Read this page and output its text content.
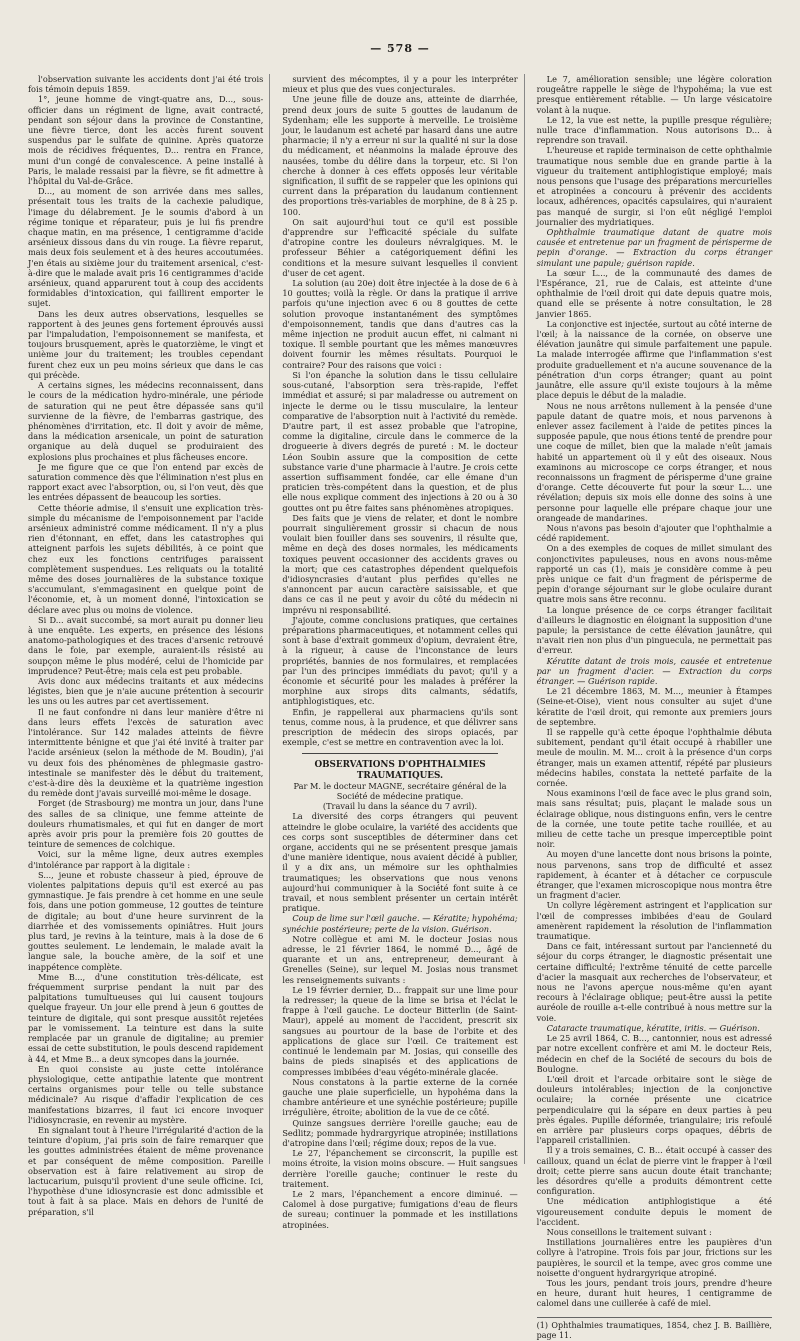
— 578 —

l'observation suivante les accidents dont j'ai été trois fois témoin depuis 1859.

1°, jeune homme de vingt-quatre ans, D..., sous-officier dans un régiment de ligne, avait contracté, pendant son séjour dans la province de Constantine, une fièvre tierce, dont les accès furent souvent suspendus par le sulfate de quinine. Après quatorze mois de récidives fréquentes, D... rentra en France, muni d'un congé de convalescence. A peine installé à Paris, le malade ressaisi par la fièvre, se fit admettre à l'hôpital du Val-de-Grâce.

D..., au moment de son arrivée dans mes salles, présentait tous les traits de la cachexie paludique, l'image du délabrement. Je le soumis d'abord à un régime tonique et réparateur, puis je lui fis prendre chaque matin, en ma présence, 1 centigramme d'acide arsénieux dissous dans du vin rouge. La fièvre reparut, mais deux fois seulement et à des heures accoutumées. J'en étais au sixième jour du traitement arsenical, c'est-à-dire que le malade avait pris 16 centigrammes d'acide arsénieux, quand apparurent tout à coup des accidents formidables d'intoxication, qui faillirent emporter le sujet.

Dans les deux autres observations, lesquelles se rapportent à des jeunes gens fortement éprouvés aussi par l'impaludation, l'empoisonnement se manifesta, et toujours brusquement, après le quatorzième, le vingt et unième jour du traitement; les troubles cependant furent chez eux un peu moins sérieux que dans le cas qui précède.

A certains signes, les médecins reconnaissent, dans le cours de la médication hydro-minérale, une période de saturation qui ne peut être dépassée sans qu'il survienne de la fièvre, de l'embarras gastrique, des phénomènes d'irritation, etc. Il doit y avoir de même, dans la médication arsenicale, un point de saturation organique au delà duquel se produiraient des explosions plus prochaines et plus fâcheuses encore.

Je me figure que ce que l'on entend par excès de saturation commence dès que l'élimination n'est plus en rapport exact avec l'absorption, ou, si l'on veut, dès que les entrées dépassent de beaucoup les sorties.

Cette théorie admise, il s'ensuit une explication très-simple du mécanisme de l'empoisonnement par l'acide arsénieux administré comme médicament. Il n'y a plus rien d'étonnant, en effet, dans les catastrophes qui atteignent parfois les sujets débilités, à ce point que chez eux les fonctions centrifuges paraissent complètement suspendues. Les reliquats ou la totalité même des doses journalières de la substance toxique s'accumulant, s'emmagasinent en quelque point de l'économie, et, à un moment donné, l'intoxication se déclare avec plus ou moins de violence.

Si D... avait succombé, sa mort aurait pu donner lieu à une enquête. Les experts, en présence des lésions anatomo-pathologiques et des traces d'arsenic retrouvé dans le foie, par exemple, auraient-ils résisté au soupçon même le plus modéré, celui de l'homicide par imprudence? Peut-être; mais cela est peu probable.

Avis donc aux médecins traitants et aux médecins légistes, bien que je n'aie aucune prétention à secourir les uns ou les autres par cet avertissement.

Il ne faut confondre ni dans leur manière d'être ni dans leurs effets l'excès de saturation avec l'intolérance. Sur 142 malades atteints de fièvre intermittente bénigne et que j'ai été invité à traiter par l'acide arsénieux (selon la méthode de M. Boudin), j'ai vu deux fois des phénomènes de phlegmasie gastro-intestinale se manifester dès le début du traitement, c'est-à-dire dès la deuxième et la quatrième ingestion du remède dont j'avais surveillé moi-même le dosage.

Forget (de Strasbourg) me montra un jour, dans l'une des salles de sa clinique, une femme atteinte de douleurs rhumatismales, et qui fut en danger de mort après avoir pris pour la première fois 20 gouttes de teinture de semences de colchique.

Voici, sur la même ligne, deux autres exemples d'intolérance par rapport à la digitale :

S..., jeune et robuste chasseur à pied, éprouve de violentes palpitations depuis qu'il est exercé au pas gymnastique. Je fais prendre à cet homme en une seule fois, dans une potion gommeuse, 12 gouttes de teinture de digitale; au bout d'une heure survinrent de la diarrhée et des vomissements opiniâtres. Huit jours plus tard, je revins à la teinture, mais à la dose de 6 gouttes seulement. Le lendemain, le malade avait la langue sale, la bouche amère, de la soif et une inappétence complète.

Mme B..., d'une constitution très-délicate, est fréquemment surprise pendant la nuit par des palpitations tumultueuses qui lui causent toujours quelque frayeur. Un jour elle prend à jeun 6 gouttes de teinture de digitale, qui sont presque aussitôt rejetées par le vomissement. La teinture est dans la suite remplacée par un granule de digitaline; au premier essai de cette substitution, le pouls descend rapidement à 44, et Mme B... a deux syncopes dans la journée.

En quoi consiste au juste cette intolérance physiologique, cette antipathie latente que montrent certains organismes pour telle ou telle substance médicinale? Au risque d'affadir l'explication de ces manifestations bizarres, il faut ici encore invoquer l'idiosyncrasie, en revenir au mystère.

En signalant tout à l'heure l'irrégularité d'action de la teinture d'opium, j'ai pris soin de faire remarquer que les gouttes administrées étaient de même provenance et par conséquent de même composition. Pareille observation est à faire relativement au sirop de lactucarium, puisqu'il provient d'une seule officine. Ici, l'hypothèse d'une idiosyncrasie est donc admissible et tout à fait à sa place. Mais en dehors de l'unité de préparation, s'il

survient des mécomptes, il y a pour les interpréter mieux et plus que des vues conjecturales.

Une jeune fille de douze ans, atteinte de diarrhée, prend deux jours de suite 5 gouttes de laudanum de Sydenham; elle les supporte à merveille. Le troisième jour, le laudanum est acheté par hasard dans une autre pharmacie; il n'y a erreur ni sur la qualité ni sur la dose du médicament, et néanmoins la malade éprouve des nausées, tombe du délire dans la torpeur, etc. Si l'on cherche à donner à ces effets opposés leur véritable signification, il suffit de se rappeler que les opinions qui current dans la préparation du laudanum contiennent des proportions très-variables de morphine, de 8 à 25 p. 100.

On sait aujourd'hui tout ce qu'il est possible d'apprendre sur l'efficacité spéciale du sulfate d'atropine contre les douleurs névralgiques. M. le professeur Béhier a catégoriquement défini les conditions et la mesure suivant lesquelles il convient d'user de cet agent.

La solution (au 20e) doit être injectée à la dose de 6 à 10 gouttes; voilà la règle. Or dans la pratique il arrive parfois qu'une injection avec 6 ou 8 gouttes de cette solution provoque instantanément des symptômes d'empoisonnement, tandis que dans d'autres cas la même injection ne produit aucun effet, ni calmant ni toxique. Il semble pourtant que les mêmes manœuvres doivent fournir les mêmes résultats. Pourquoi le contraire? Pour des raisons que voici :

Si l'on épanche la solution dans le tissu cellulaire sous-cutané, l'absorption sera très-rapide, l'effet immédiat et assuré; si par maladresse ou autrement on injecte le derme ou le tissu musculaire, la lenteur comparative de l'absorption nuit à l'activité du remède. D'autre part, il est assez probable que l'atropine, comme la digitaline, circule dans le commerce de la drogueerie à divers degrés de pureté : M. le docteur Léon Soubin assure que la composition de cette substance varie d'une pharmacie à l'autre. Je crois cette assertion suffisamment fondée, car elle émane d'un praticien très-compétent dans la question, et de plus elle nous explique comment des injections à 20 ou à 30 gouttes ont pu être faites sans phénomènes atropiques.

Des faits que je viens de relater, et dont le nombre pourrait singulièrement grossir si chacun de nous voulait bien fouiller dans ses souvenirs, il résulte que, même en deçà des doses normales, les médicaments toxiques peuvent occasionner des accidents graves ou la mort; que ces catastrophes dépendent quelquefois d'idiosyncrasies d'autant plus perfides qu'elles ne s'annoncent par aucun caractère saisissable, et que dans ce cas il ne peut y avoir du côté du médecin ni imprévu ni responsabilité.

J'ajoute, comme conclusions pratiques, que certaines préparations pharmaceutiques, et notamment celles qui sont à base d'extrait gommeux d'opium, devraient être, à la rigueur, à cause de l'inconstance de leurs propriétés, bannies de nos formulaires, et remplacées par l'un des principes immédiats du pavot; qu'il y a économie et sécurité pour les malades à préférer la morphine aux sirops dits calmants, sédatifs, antiphlogistiques, etc.

Enfin, je rappellerai aux pharmaciens qu'ils sont tenus, comme nous, à la prudence, et que délivrer sans prescription de médecin des sirops opiacés, par exemple, c'est se mettre en contravention avec la loi.

OBSERVATIONS D'OPHTHALMIES TRAUMATIQUES.

Par M. le docteur MAGNE, secrétaire général de la Société de médecine pratique.

(Travail lu dans la séance du 7 avril).

La diversité des corps étrangers qui peuvent atteindre le globe oculaire, la variété des accidents que ces corps sont susceptibles de déterminer dans cet organe, accidents qui ne se présentent presque jamais d'une manière identique, nous avaient décidé à publier, il y a dix ans, un mémoire sur les ophthalmies traumatiques; les observations que nous venons aujourd'hui communiquer à la Société font suite à ce travail, et nous semblent présenter un certain intérêt pratique.

Coup de lime sur l'œil gauche. — Kératite; hypohéma; synéchie postérieure; perte de la vision. Guérison.

Notre collègue et ami M. le docteur Josias nous adresse, le 21 février 1864, le nommé D..., âgé de quarante et un ans, entrepreneur, demeurant à Grenelles (Seine), sur lequel M. Josias nous transmet les renseignements suivants :

Le 19 février dernier, D... frappait sur une lime pour la redresser; la queue de la lime se brisa et l'éclat le frappe à l'œil gauche. Le docteur Bitterlin (de Saint-Maur), appelé au moment de l'accident, prescrit six sangsues au pourtour de la base de l'orbite et des applications de glace sur l'œil. Ce traitement est continué le lendemain par M. Josias, qui conseille des bains de pieds sinapisés et des applications de compresses imbibées d'eau végéto-minérale glacée.

Nous constatons à la partie externe de la cornée gauche une plaie superficielle, un hypohéma dans la chambre antérieure et une synéchie postérieure; pupille irrégulière, étroite; abolition de la vue de ce côté.

Quinze sangsues derrière l'oreille gauche; eau de Sedlitz; pommade hydrargyrique atropinée; instillations d'atropine dans l'œil; régime doux; repos de la vue.

Le 27, l'épanchement se circonscrit, la pupille est moins étroite, la vision moins obscure. — Huit sangsues derrière l'oreille gauche; continuer le reste du traitement.

Le 2 mars, l'épanchement a encore diminué. — Calomel à dose purgative; fumigations d'eau de fleurs de sureau; continuer la pommade et les instillations atropinées.

Le 7, amélioration sensible; une légère coloration rougeâtre rappelle le siège de l'hypohéma; la vue est presque entièrement rétablie. — Un large vésicatoire volant à la nuque.

Le 12, la vue est nette, la pupille presque régulière; nulle trace d'inflammation. Nous autorisons D... à reprendre son travail.

L'heureuse et rapide terminaison de cette ophthalmie traumatique nous semble due en grande partie à la vigueur du traitement antiphlogistique employé; mais nous pensons que l'usage des préparations mercurielles et atropinées a concouru à prévenir des accidents locaux, adhérences, opacités capsulaires, qui n'auraient pas manqué de surgir, si l'on eût négligé l'emploi journalier des mydriatiques.

Ophthalmie traumatique datant de quatre mois causée et entretenue par un fragment de périsperme de pepin d'orange. — Extraction du corps étranger simulant une papule; guérison rapide.

La sœur L..., de la communauté des dames de l'Espérance, 21, rue de Calais, est atteinte d'une ophthalmie de l'œil droit qui date depuis quatre mois, quand elle se présente à notre consultation, le 28 janvier 1865.

La conjonctive est injectée, surtout au côté interne de l'œil; à la naissance de la cornée, on observe une élévation jaunâtre qui simule parfaitement une papule. La malade interrogée affirme que l'inflammation s'est produite graduellement et n'a aucune souvenance de la pénétration d'un corps étranger; quant au point jaunâtre, elle assure qu'il existe toujours à la même place depuis le début de la maladie.

Nous ne nous arrêtons nullement à la pensée d'une papule datant de quatre mois, et nous parvenons à enlever assez facilement à l'aide de petites pinces la supposée papule, que nous étions tenté de prendre pour une coque de millet, bien que la malade n'eût jamais habité un appartement où il y eût des oiseaux. Nous examinons au microscope ce corps étranger, et nous reconnaissons un fragment de périsperme d'une graine d'orange. Cette découverte fut pour la sœur L... une révélation; depuis six mois elle donne des soins à une personne pour laquelle elle prépare chaque jour une orangeade de mandarines.

Nous n'avons pas besoin d'ajouter que l'ophthalmie a cédé rapidement.

On a des exemples de coques de millet simulant des conjonctivites papuleuses, nous en avons nous-même rapporté un cas (1), mais je considère comme à peu près unique ce fait d'un fragment de périsperme de pepin d'orange séjournant sur le globe oculaire durant quatre mois sans être reconnu.

La longue présence de ce corps étranger facilitait d'ailleurs le diagnostic en éloignant la supposition d'une papule; la persistance de cette élévation jaunâtre, qui n'avait rien non plus d'un pinguecula, ne permettait pas d'erreur.

Kératite datant de trois mois, causée et entretenue par un fragment d'acier. — Extraction du corps étranger. — Guérison rapide.

Le 21 décembre 1863, M. M..., meunier à Étampes (Seine-et-Oise), vient nous consulter au sujet d'une kératite de l'œil droit, qui remonte aux premiers jours de septembre.

Il se rappelle qu'à cette époque l'ophthalmie débuta subitement, pendant qu'il était occupé à rhabiller une meule de moulin. M. M... croit à la présence d'un corps étranger, mais un examen attentif, répété par plusieurs médecins habiles, constata la netteté parfaite de la cornée.

Nous examinons l'œil de face avec le plus grand soin, mais sans résultat; puis, plaçant le malade sous un éclairage oblique, nous distinguons enfin, vers le centre de la cornée, une toute petite tache rouillée, et au milieu de cette tache un presque imperceptible point noir.

Au moyen d'une lancette dont nous brisons la pointe, nous parvenons, sans trop de difficulté et assez rapidement, à écanter et à détacher ce corpuscule étranger, que l'examen microscopique nous montra être un fragment d'acier.

Un collyre légèrement astringent et l'application sur l'œil de compresses imbibées d'eau de Goulard amenèrent rapidement la résolution de l'inflammation traumatique.

Dans ce fait, intéressant surtout par l'ancienneté du séjour du corps étranger, le diagnostic présentait une certaine difficulté; l'extrême ténuité de cette parcelle d'acier la masquait aux recherches de l'observateur, et nous ne l'avons aperçue nous-même qu'en ayant recours à l'éclairage oblique; peut-être aussi la petite auréole de rouille a-t-elle contribué à nous mettre sur la voie.

Cataracte traumatique, kératite, iritis. — Guérison.

Le 25 avril 1864, C. B..., cantonnier, nous est adressé par notre excellent confrère et ami M. le docteur Reis, médecin en chef de la Société de secours du bois de Boulogne.

L'œil droit et l'arcade orbitaire sont le siège de douleurs intolérables; injection de la conjonctive oculaire; la cornée présente une cicatrice perpendiculaire qui la sépare en deux parties à peu près égales. Pupille déformée, triangulaire; iris refoulé en arrière par plusieurs corps opaques, débris de l'appareil cristallinien.

Il y a trois semaines, C. B... était occupé à casser des cailloux, quand un éclat de pierre vint le frapper à l'œil droit; cette pierre sans aucun doute était tranchante; les désordres qu'elle a produits démontrent cette configuration.

Une médication antiphlogistique a été vigoureusement conduite depuis le moment de l'accident.

Nous conseillons le traitement suivant :

Instillations journalières entre les paupières d'un collyre à l'atropine. Trois fois par jour, frictions sur les paupières, le sourcil et la tempe, avec gros comme une noisette d'onguent hydrargyrique atropiné.

Tous les jours, pendant trois jours, prendre d'heure en heure, durant huit heures, 1 centigramme de calomel dans une cuillerée à café de miel.

(1) Ophthalmies traumatiques, 1854, chez J. B. Baillière, page 11.
